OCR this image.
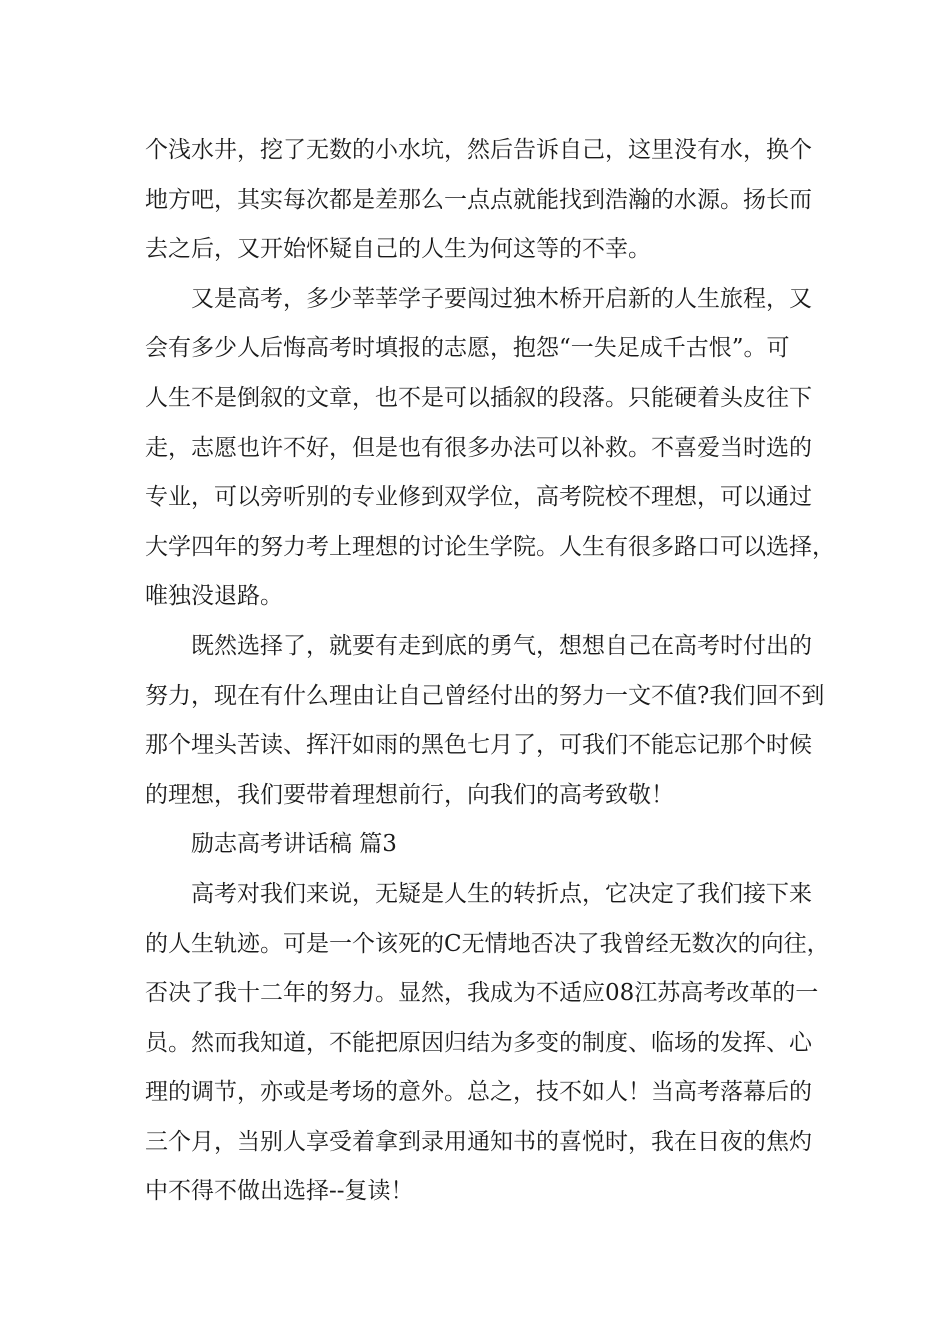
个浅水井，挖了无数的小水坑，然后告诉自己，这里没有水，换个
地方吧，其实每次都是差那么一点点就能找到浩瀚的水源。扬长而
去之后，又开始怀疑自己的人生为何这等的不幸。
又是高考，多少莘莘学子要闯过独木桥开启新的人生旅程，又
会有多少人后悔高考时填报的志愿，抱怨“一失足成千古恨”。可
人生不是倒叙的文章，也不是可以插叙的段落。只能硬着头皮往下
走，志愿也许不好，但是也有很多办法可以补救。不喜爱当时选的
专业，可以旁听别的专业修到双学位，高考院校不理想，可以通过
大学四年的努力考上理想的讨论生学院。人生有很多路口可以选择，
唯独没退路。
既然选择了，就要有走到底的勇气，想想自己在高考时付出的
努力，现在有什么理由让自己曾经付出的努力一文不值?我们回不到
那个埋头苦读、挥汗如雨的黑色七月了，可我们不能忘记那个时候
的理想，我们要带着理想前行，向我们的高考致敬！
励志高考讲话稿 篇3
高考对我们来说，无疑是人生的转折点，它决定了我们接下来
的人生轨迹。可是一个该死的C无情地否决了我曾经无数次的向往，
否决了我十二年的努力。显然，我成为不适应08江苏高考改革的一
员。然而我知道，不能把原因归结为多变的制度、临场的发挥、心
理的调节，亦或是考场的意外。总之，技不如人！当高考落幕后的
三个月，当别人享受着拿到录用通知书的喜悦时，我在日夜的焦灼
中不得不做出选择--复读！
